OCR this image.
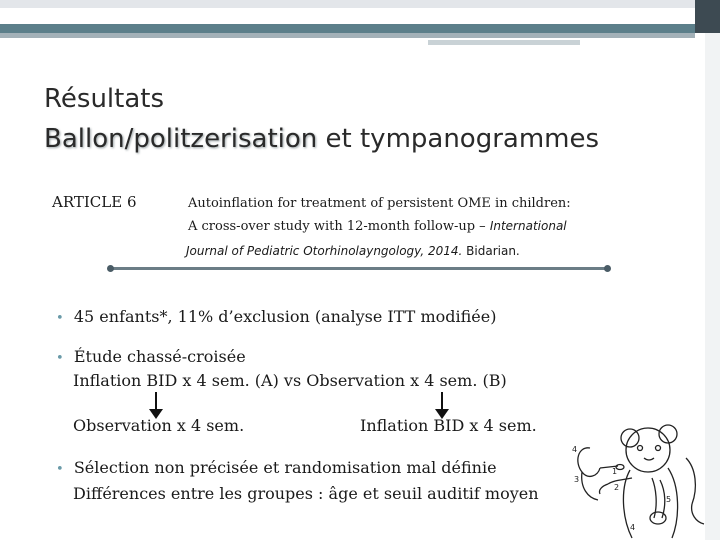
Résultats
Ballon/politzerisation et tympanogrammes
ARTICLE 6	Autoinflation for treatment of persistent OME in children:
A cross-over study with 12-month follow-up – International
Journal of Pediatric Otorhinolayngology, 2014. Bidarian.
• 45 enfants*, 11% d’exclusion (analyse ITT modifiée)
• Étude chassé-croisée
Inflation BID x 4 sem. (A) vs Observation x 4 sem. (B)
Observation x 4 sem.	Inflation BID x 4 sem.
• Sélection non précisée et randomisation mal définie
Différences entre les groupes : âge et seuil auditif moyen
4
3
2
1
4
5
